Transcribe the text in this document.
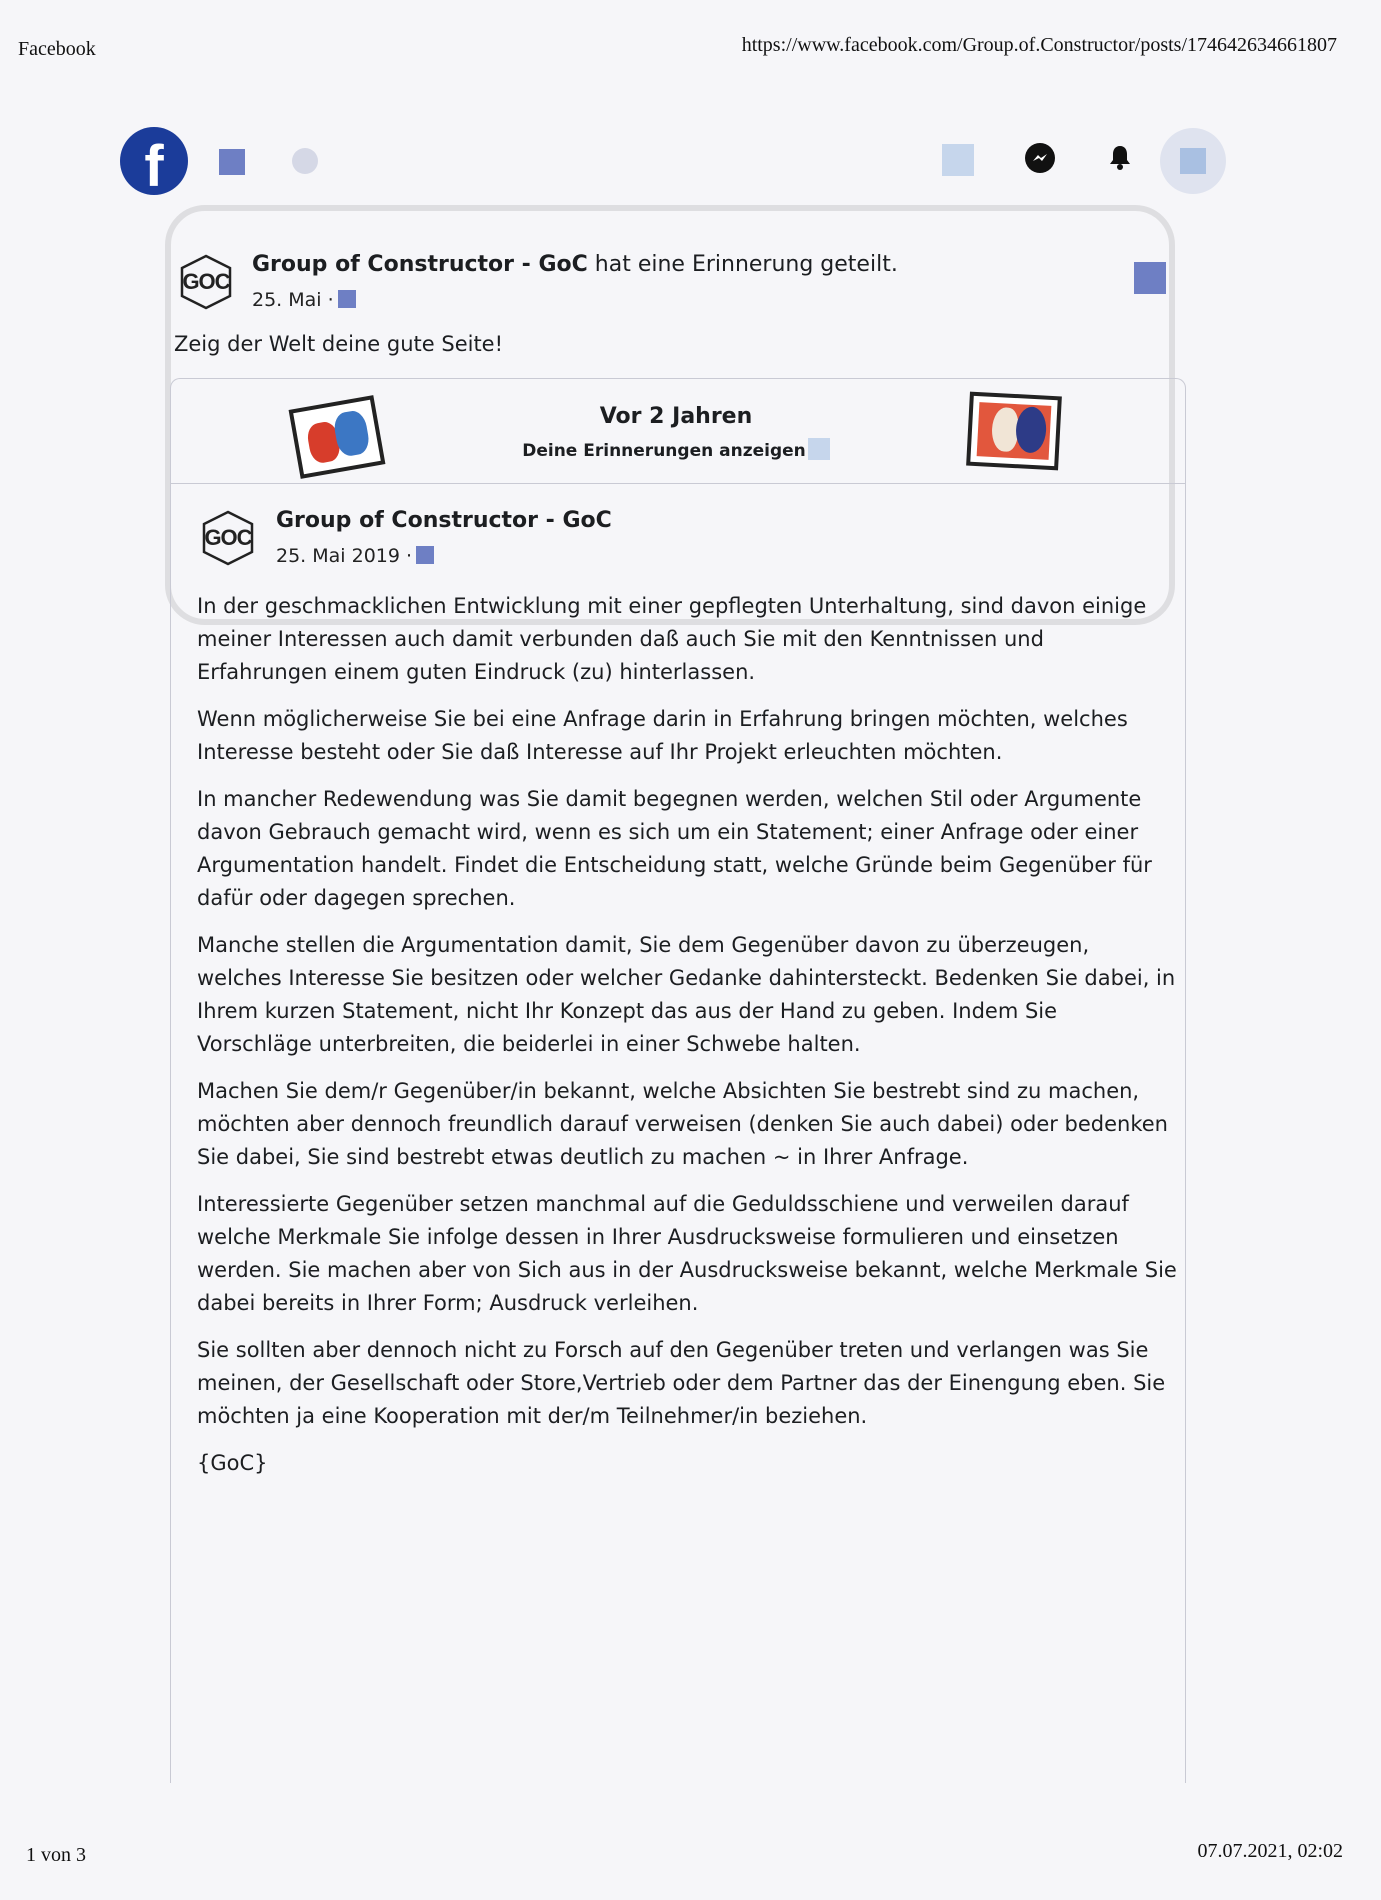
Facebook	https://www.facebook.com/Group.of.Constructor/posts/174642634661807
f
GOC
Group of Constructor - GoC hat eine Erinnerung geteilt.
25. Mai ·
Zeig der Welt deine gute Seite!
Vor 2 Jahren
Deine Erinnerungen anzeigen
GOC
Group of Constructor - GoC
25. Mai 2019 ·

In der geschmacklichen Entwicklung mit einer gepflegten Unterhaltung, sind davon einige meiner Interessen auch damit verbunden daß auch Sie mit den Kenntnissen und Erfahrungen einem guten Eindruck (zu) hinterlassen.

Wenn möglicherweise Sie bei eine Anfrage darin in Erfahrung bringen möchten, welches Interesse besteht oder Sie daß Interesse auf Ihr Projekt erleuchten möchten.

In mancher Redewendung was Sie damit begegnen werden, welchen Stil oder Argumente davon Gebrauch gemacht wird, wenn es sich um ein Statement; einer Anfrage oder einer Argumentation handelt. Findet die Entscheidung statt, welche Gründe beim Gegenüber für dafür oder dagegen sprechen.

Manche stellen die Argumentation damit, Sie dem Gegenüber davon zu überzeugen, welches Interesse Sie besitzen oder welcher Gedanke dahintersteckt. Bedenken Sie dabei, in Ihrem kurzen Statement, nicht Ihr Konzept das aus der Hand zu geben. Indem Sie Vorschläge unterbreiten, die beiderlei in einer Schwebe halten.

Machen Sie dem/r Gegenüber/in bekannt, welche Absichten Sie bestrebt sind zu machen, möchten aber dennoch freundlich darauf verweisen (denken Sie auch dabei) oder bedenken Sie dabei, Sie sind bestrebt etwas deutlich zu machen ~ in Ihrer Anfrage.

Interessierte Gegenüber setzen manchmal auf die Geduldsschiene und verweilen darauf welche Merkmale Sie infolge dessen in Ihrer Ausdrucksweise formulieren und einsetzen werden. Sie machen aber von Sich aus in der Ausdrucksweise bekannt, welche Merkmale Sie dabei bereits in Ihrer Form; Ausdruck verleihen.

Sie sollten aber dennoch nicht zu Forsch auf den Gegenüber treten und verlangen was Sie meinen, der Gesellschaft oder Store,Vertrieb oder dem Partner das der Einengung eben. Sie möchten ja eine Kooperation mit der/m Teilnehmer/in beziehen.

{GoC}

1 von 3	07.07.2021, 02:02
